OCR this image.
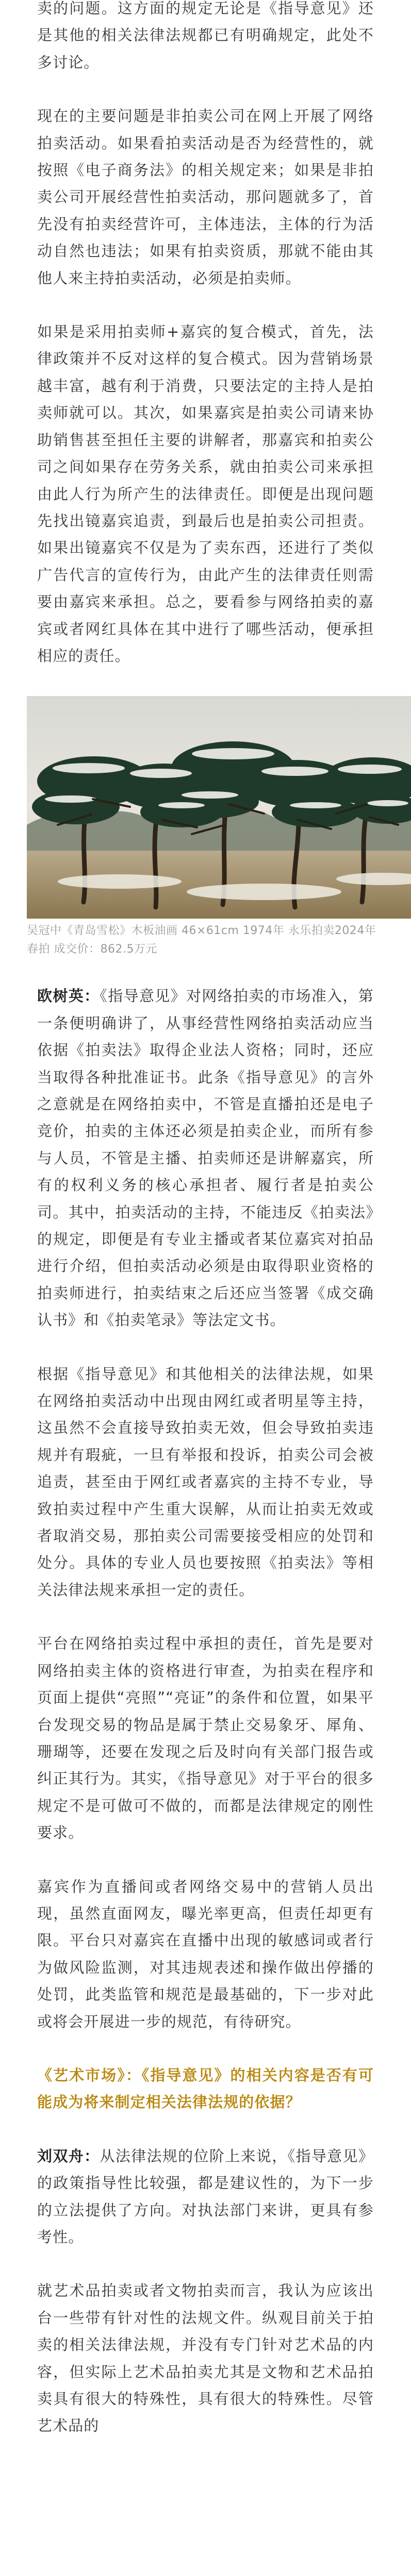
卖的问题。这方面的规定无论是《指导意见》还是其他的相关法律法规都已有明确规定，此处不多讨论。

现在的主要问题是非拍卖公司在网上开展了网络拍卖活动。如果看拍卖活动是否为经营性的，就按照《电子商务法》的相关规定来；如果是非拍卖公司开展经营性拍卖活动，那问题就多了，首先没有拍卖经营许可，主体违法，主体的行为活动自然也违法；如果有拍卖资质，那就不能由其他人来主持拍卖活动，必须是拍卖师。

如果是采用拍卖师+嘉宾的复合模式，首先，法律政策并不反对这样的复合模式。因为营销场景越丰富，越有利于消费，只要法定的主持人是拍卖师就可以。其次，如果嘉宾是拍卖公司请来协助销售甚至担任主要的讲解者，那嘉宾和拍卖公司之间如果存在劳务关系，就由拍卖公司来承担由此人行为所产生的法律责任。即便是出现问题先找出镜嘉宾追责，到最后也是拍卖公司担责。如果出镜嘉宾不仅是为了卖东西，还进行了类似广告代言的宣传行为，由此产生的法律责任则需要由嘉宾来承担。总之，要看参与网络拍卖的嘉宾或者网红具体在其中进行了哪些活动，便承担相应的责任。

吴冠中《青岛雪松》木板油画 46×61cm 1974年 永乐拍卖2024年春拍 成交价：862.5万元

欧树英：《指导意见》对网络拍卖的市场准入，第一条便明确讲了，从事经营性网络拍卖活动应当依据《拍卖法》取得企业法人资格；同时，还应当取得各种批准证书。此条《指导意见》的言外之意就是在网络拍卖中，不管是直播拍还是电子竞价，拍卖的主体还必须是拍卖企业，而所有参与人员，不管是主播、拍卖师还是讲解嘉宾，所有的权利义务的核心承担者、履行者是拍卖公司。其中，拍卖活动的主持，不能违反《拍卖法》的规定，即便是有专业主播或者某位嘉宾对拍品进行介绍，但拍卖活动必须是由取得职业资格的拍卖师进行，拍卖结束之后还应当签署《成交确认书》和《拍卖笔录》等法定文书。

根据《指导意见》和其他相关的法律法规，如果在网络拍卖活动中出现由网红或者明星等主持，这虽然不会直接导致拍卖无效，但会导致拍卖违规并有瑕疵，一旦有举报和投诉，拍卖公司会被追责，甚至由于网红或者嘉宾的主持不专业，导致拍卖过程中产生重大误解，从而让拍卖无效或者取消交易，那拍卖公司需要接受相应的处罚和处分。具体的专业人员也要按照《拍卖法》等相关法律法规来承担一定的责任。

平台在网络拍卖过程中承担的责任，首先是要对网络拍卖主体的资格进行审查，为拍卖在程序和页面上提供“亮照”“亮证”的条件和位置，如果平台发现交易的物品是属于禁止交易象牙、犀角、珊瑚等，还要在发现之后及时向有关部门报告或纠正其行为。其实，《指导意见》对于平台的很多规定不是可做可不做的，而都是法律规定的刚性要求。

嘉宾作为直播间或者网络交易中的营销人员出现，虽然直面网友，曝光率更高，但责任却更有限。平台只对嘉宾在直播中出现的敏感词或者行为做风险监测，对其违规表述和操作做出停播的处罚，此类监管和规范是最基础的，下一步对此或将会开展进一步的规范，有待研究。

《艺术市场》：《指导意见》的相关内容是否有可能成为将来制定相关法律法规的依据？

刘双舟：从法律法规的位阶上来说，《指导意见》的政策指导性比较强，都是建议性的，为下一步的立法提供了方向。对执法部门来讲，更具有参考性。

就艺术品拍卖或者文物拍卖而言，我认为应该出台一些带有针对性的法规文件。纵观目前关于拍卖的相关法律法规，并没有专门针对艺术品的内容，但实际上艺术品拍卖尤其是文物和艺术品拍卖具有很大的特殊性，具有很大的特殊性。尽管艺术品的
